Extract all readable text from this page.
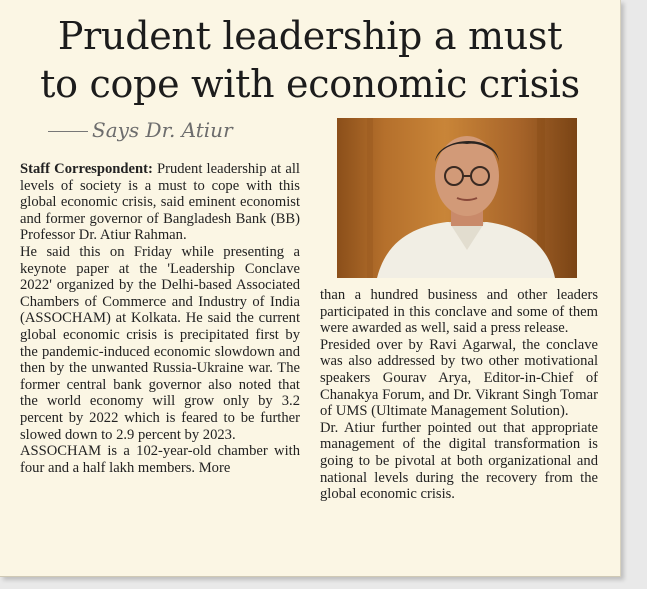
Prudent leadership a must
to cope with economic crisis
Says Dr. Atiur

Staff Correspondent: Prudent leadership at all levels of society is a must to cope with this global economic crisis, said eminent economist and former governor of Bangladesh Bank (BB) Professor Dr. Atiur Rahman.

He said this on Friday while presenting a keynote paper at the 'Leadership Conclave 2022' organized by the Delhi-based Associated Chambers of Commerce and Industry of India (ASSOCHAM) at Kolkata. He said the current global economic crisis is precipitated first by the pandemic-induced economic slowdown and then by the unwanted Russia-Ukraine war. The former central bank governor also noted that the world economy will grow only by 3.2 percent by 2022 which is feared to be further slowed down to 2.9 percent by 2023.

ASSOCHAM is a 102-year-old chamber with four and a half lakh members. More

than a hundred business and other leaders participated in this conclave and some of them were awarded as well, said a press release.

Presided over by Ravi Agarwal, the conclave was also addressed by two other motivational speakers Gourav Arya, Editor-in-Chief of Chanakya Forum, and Dr. Vikrant Singh Tomar of UMS (Ultimate Management Solution).

Dr. Atiur further pointed out that appropriate management of the digital transformation is going to be pivotal at both organizational and national levels during the recovery from the global economic crisis.
